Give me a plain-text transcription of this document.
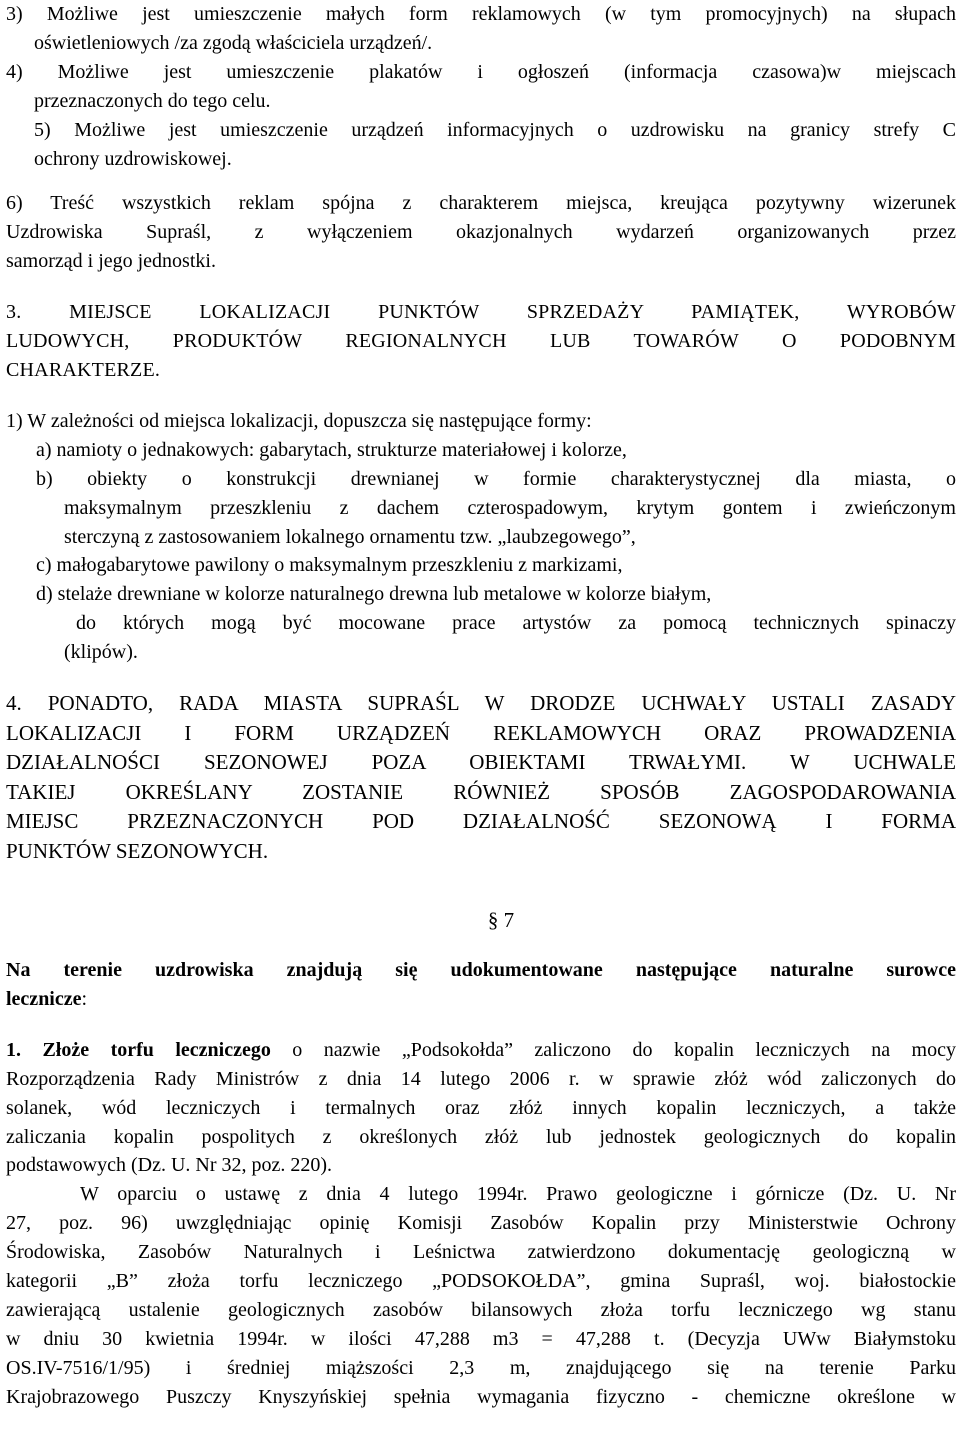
3) Możliwe jest umieszczenie małych form reklamowych (w tym promocyjnych) na słupach
oświetleniowych /za zgodą właściciela urządzeń/.
4) Możliwe jest umieszczenie plakatów i ogłoszeń (informacja czasowa)w miejscach
przeznaczonych do tego celu.
5) Możliwe jest umieszczenie urządzeń informacyjnych o uzdrowisku na granicy strefy C
ochrony uzdrowiskowej.
6) Treść wszystkich reklam spójna z charakterem miejsca, kreująca pozytywny wizerunek
Uzdrowiska Supraśl, z wyłączeniem okazjonalnych wydarzeń organizowanych przez
samorząd i jego jednostki.
3. MIEJSCE LOKALIZACJI PUNKTÓW SPRZEDAŻY PAMIĄTEK, WYROBÓW
LUDOWYCH, PRODUKTÓW REGIONALNYCH LUB TOWARÓW O PODOBNYM
CHARAKTERZE.
1) W zależności od miejsca lokalizacji, dopuszcza się następujące formy:
a) namioty o jednakowych: gabarytach, strukturze materiałowej i kolorze,
b) obiekty o konstrukcji drewnianej w formie charakterystycznej dla miasta, o
maksymalnym przeszkleniu z dachem czterospadowym, krytym gontem i zwieńczonym
sterczyną z zastosowaniem lokalnego ornamentu tzw. „laubzegowego”,
c) małogabarytowe pawilony o maksymalnym przeszkleniu z markizami,
d) stelaże drewniane w kolorze naturalnego drewna lub metalowe w kolorze białym,
do których mogą być mocowane prace artystów za pomocą technicznych spinaczy
(klipów).
4. PONADTO, RADA MIASTA SUPRAŚL W DRODZE UCHWAŁY USTALI ZASADY
LOKALIZACJI I FORM URZĄDZEŃ REKLAMOWYCH ORAZ PROWADZENIA
DZIAŁALNOŚCI SEZONOWEJ POZA OBIEKTAMI TRWAŁYMI. W UCHWALE
TAKIEJ OKREŚLANY ZOSTANIE RÓWNIEŻ SPOSÓB ZAGOSPODAROWANIA
MIEJSC PRZEZNACZONYCH POD DZIAŁALNOŚĆ SEZONOWĄ I FORMA
PUNKTÓW SEZONOWYCH.
§ 7
Na terenie uzdrowiska znajdują się udokumentowane następujące naturalne surowce
lecznicze:
1. Złoże torfu leczniczego o nazwie „Podsokołda” zaliczono do kopalin leczniczych na mocy
Rozporządzenia Rady Ministrów z dnia 14 lutego 2006 r. w sprawie złóż wód zaliczonych do
solanek, wód leczniczych i termalnych oraz złóż innych kopalin leczniczych, a także
zaliczania kopalin pospolitych z określonych złóż lub jednostek geologicznych do kopalin
podstawowych (Dz. U. Nr 32, poz. 220).
W oparciu o ustawę z dnia 4 lutego 1994r. Prawo geologiczne i górnicze (Dz. U. Nr
27, poz. 96) uwzględniając opinię Komisji Zasobów Kopalin przy Ministerstwie Ochrony
Środowiska, Zasobów Naturalnych i Leśnictwa zatwierdzono dokumentację geologiczną w
kategorii „B” złoża torfu leczniczego „PODSOKOŁDA”, gmina Supraśl, woj. białostockie
zawierającą ustalenie geologicznych zasobów bilansowych złoża torfu leczniczego wg stanu
w dniu 30 kwietnia 1994r. w ilości 47,288 m3 = 47,288 t. (Decyzja UWw Białymstoku
OS.IV-7516/1/95) i średniej miąższości 2,3 m, znajdującego się na terenie Parku
Krajobrazowego Puszczy Knyszyńskiej spełnia wymagania fizyczno - chemiczne określone w
